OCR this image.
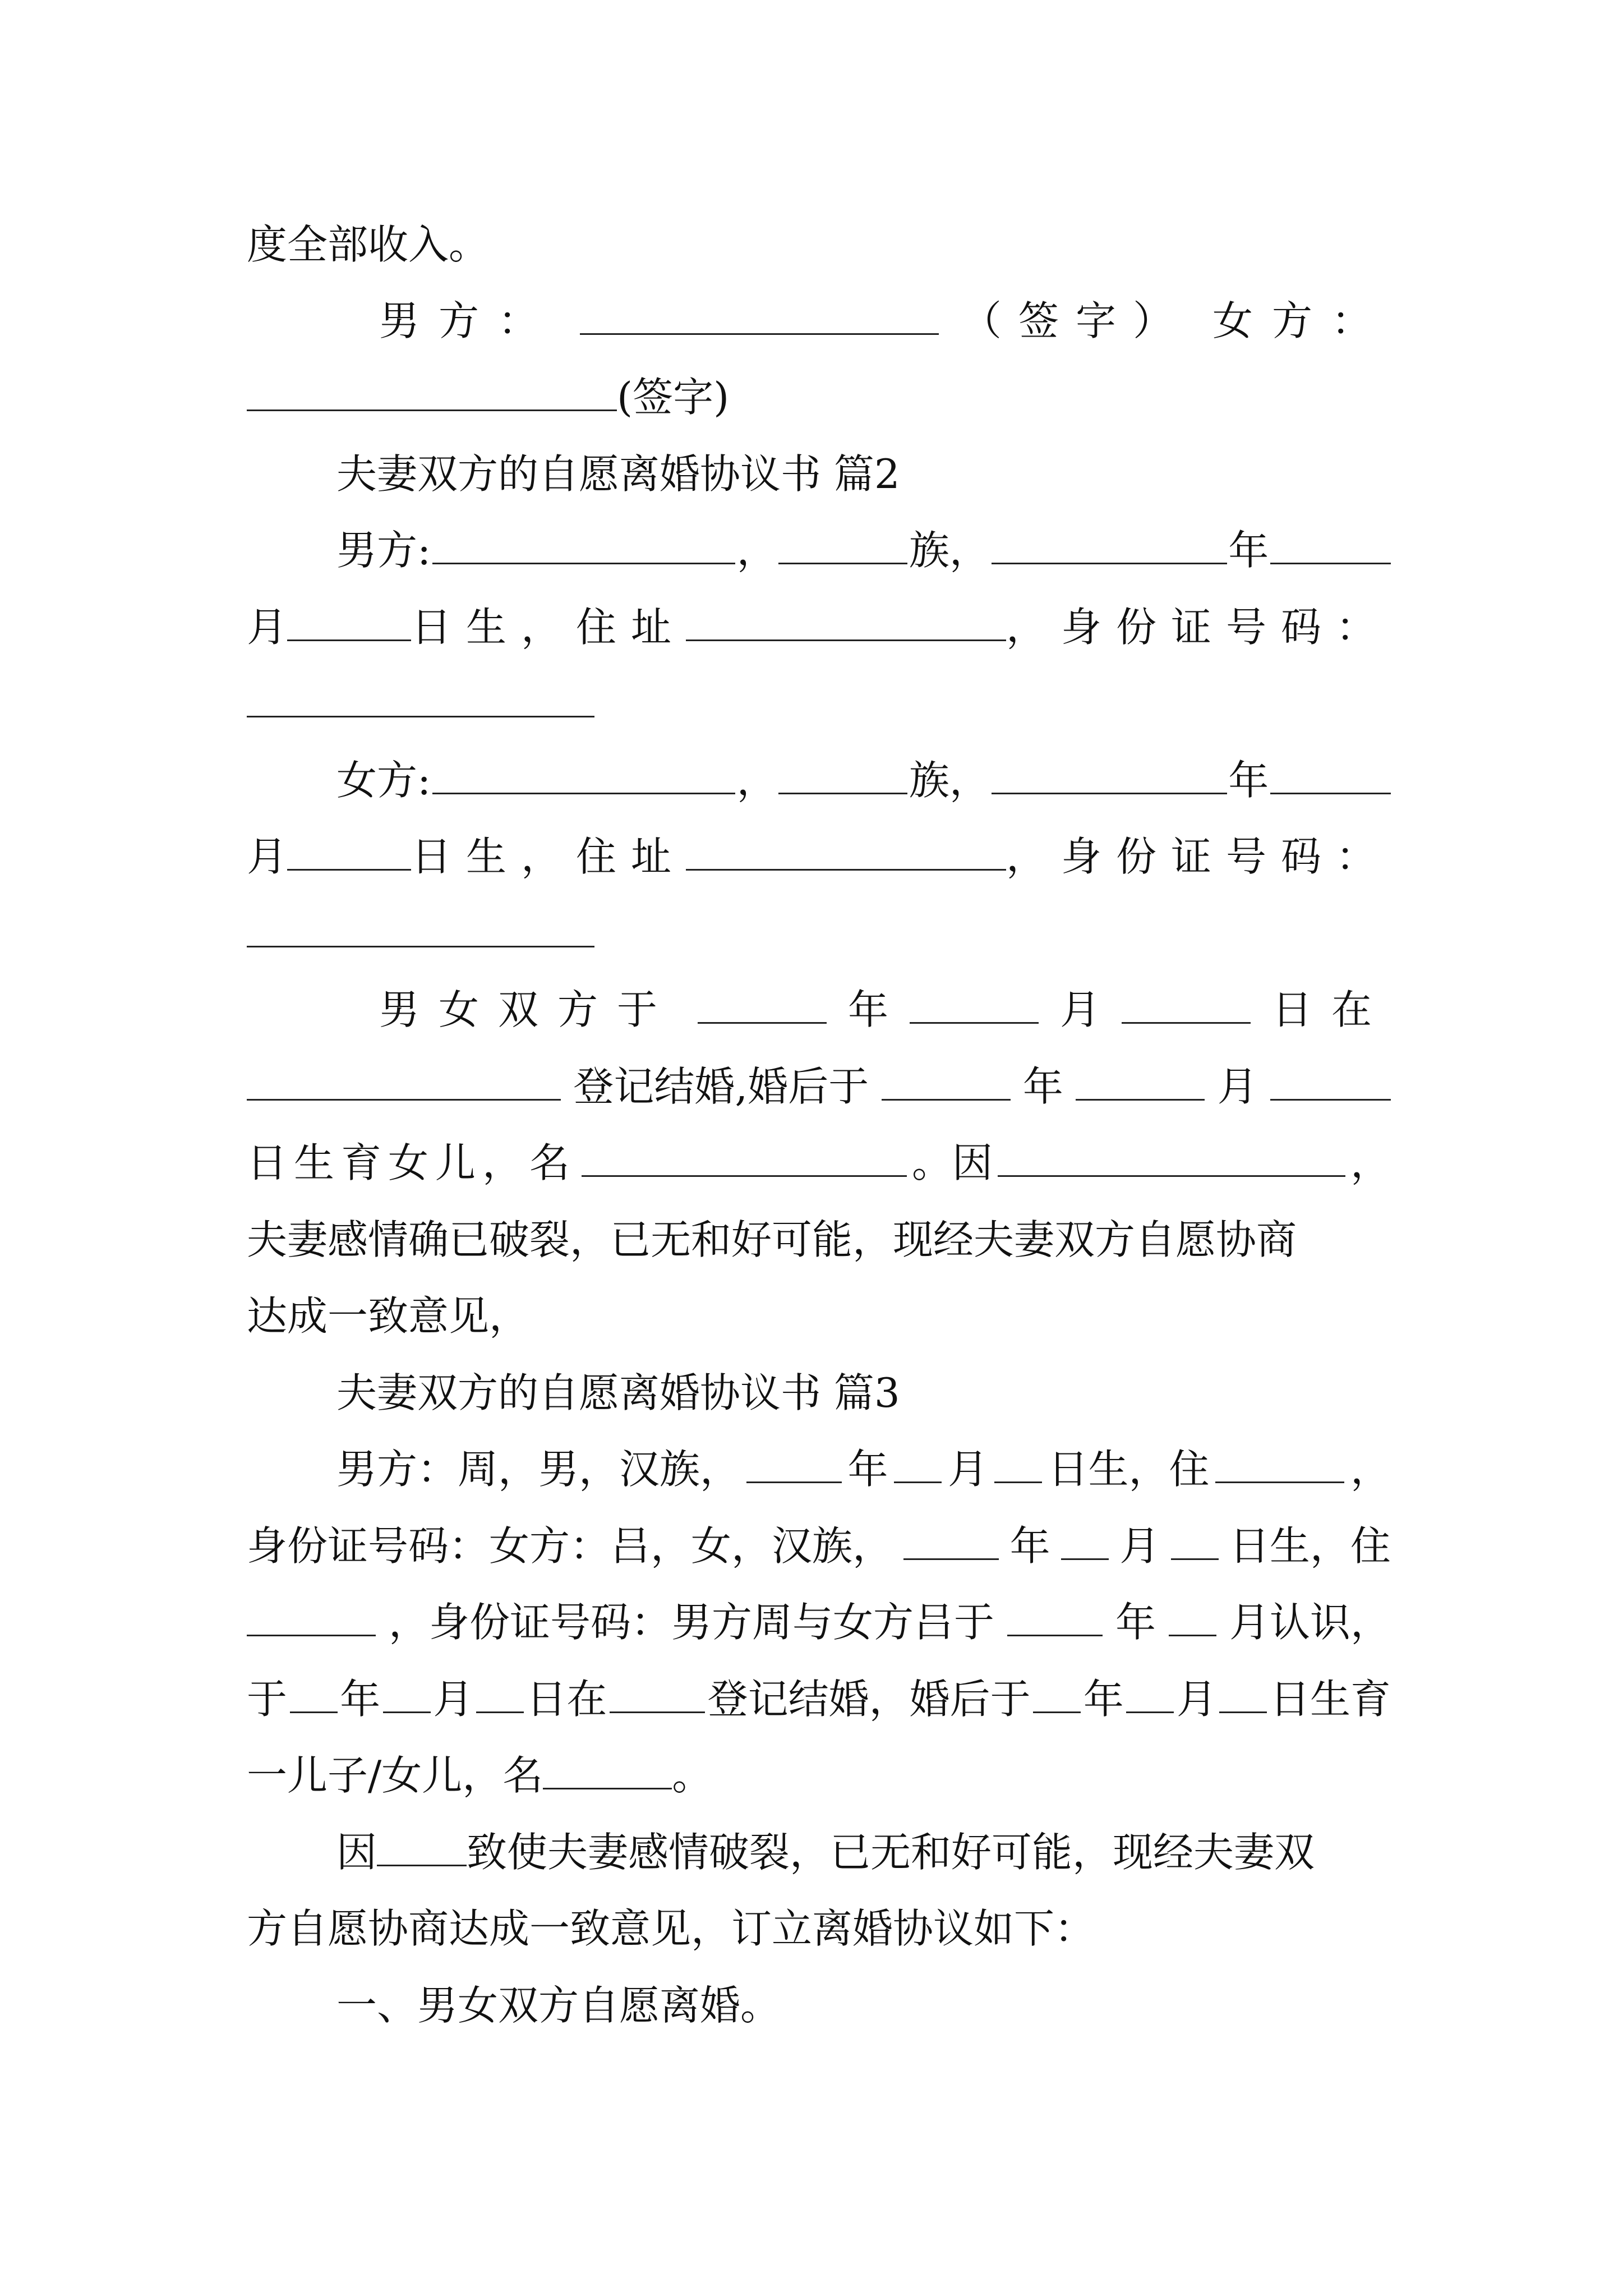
度全部收入。
男方：	（签字） 女方：
(签字)
夫妻双方的自愿离婚协议书 篇2
男方:	，	族，	年
月	日生，住址	，身份证号码：
女方:	，	族，	年
月	日生，住址	，身份证号码：
男女双方于	年	月	日在
登记结婚,婚后于	年	月
日生育女儿，名	。因	，
夫妻感情确已破裂，已无和好可能，现经夫妻双方自愿协商
达成一致意见，
夫妻双方的自愿离婚协议书 篇3
男方：周，男，汉族，	年 月 日生，住	，
身份证号码：女方：吕，女，汉族，	年 月 日生，住
，身份证号码：男方周与女方吕于	年 月认识，
于 年 月 日在 登记结婚，婚后于 年 月 日生育
一儿子/女儿，名	。
因 致使夫妻感情破裂，已无和好可能，现经夫妻双
方自愿协商达成一致意见，订立离婚协议如下：
一、男女双方自愿离婚。
